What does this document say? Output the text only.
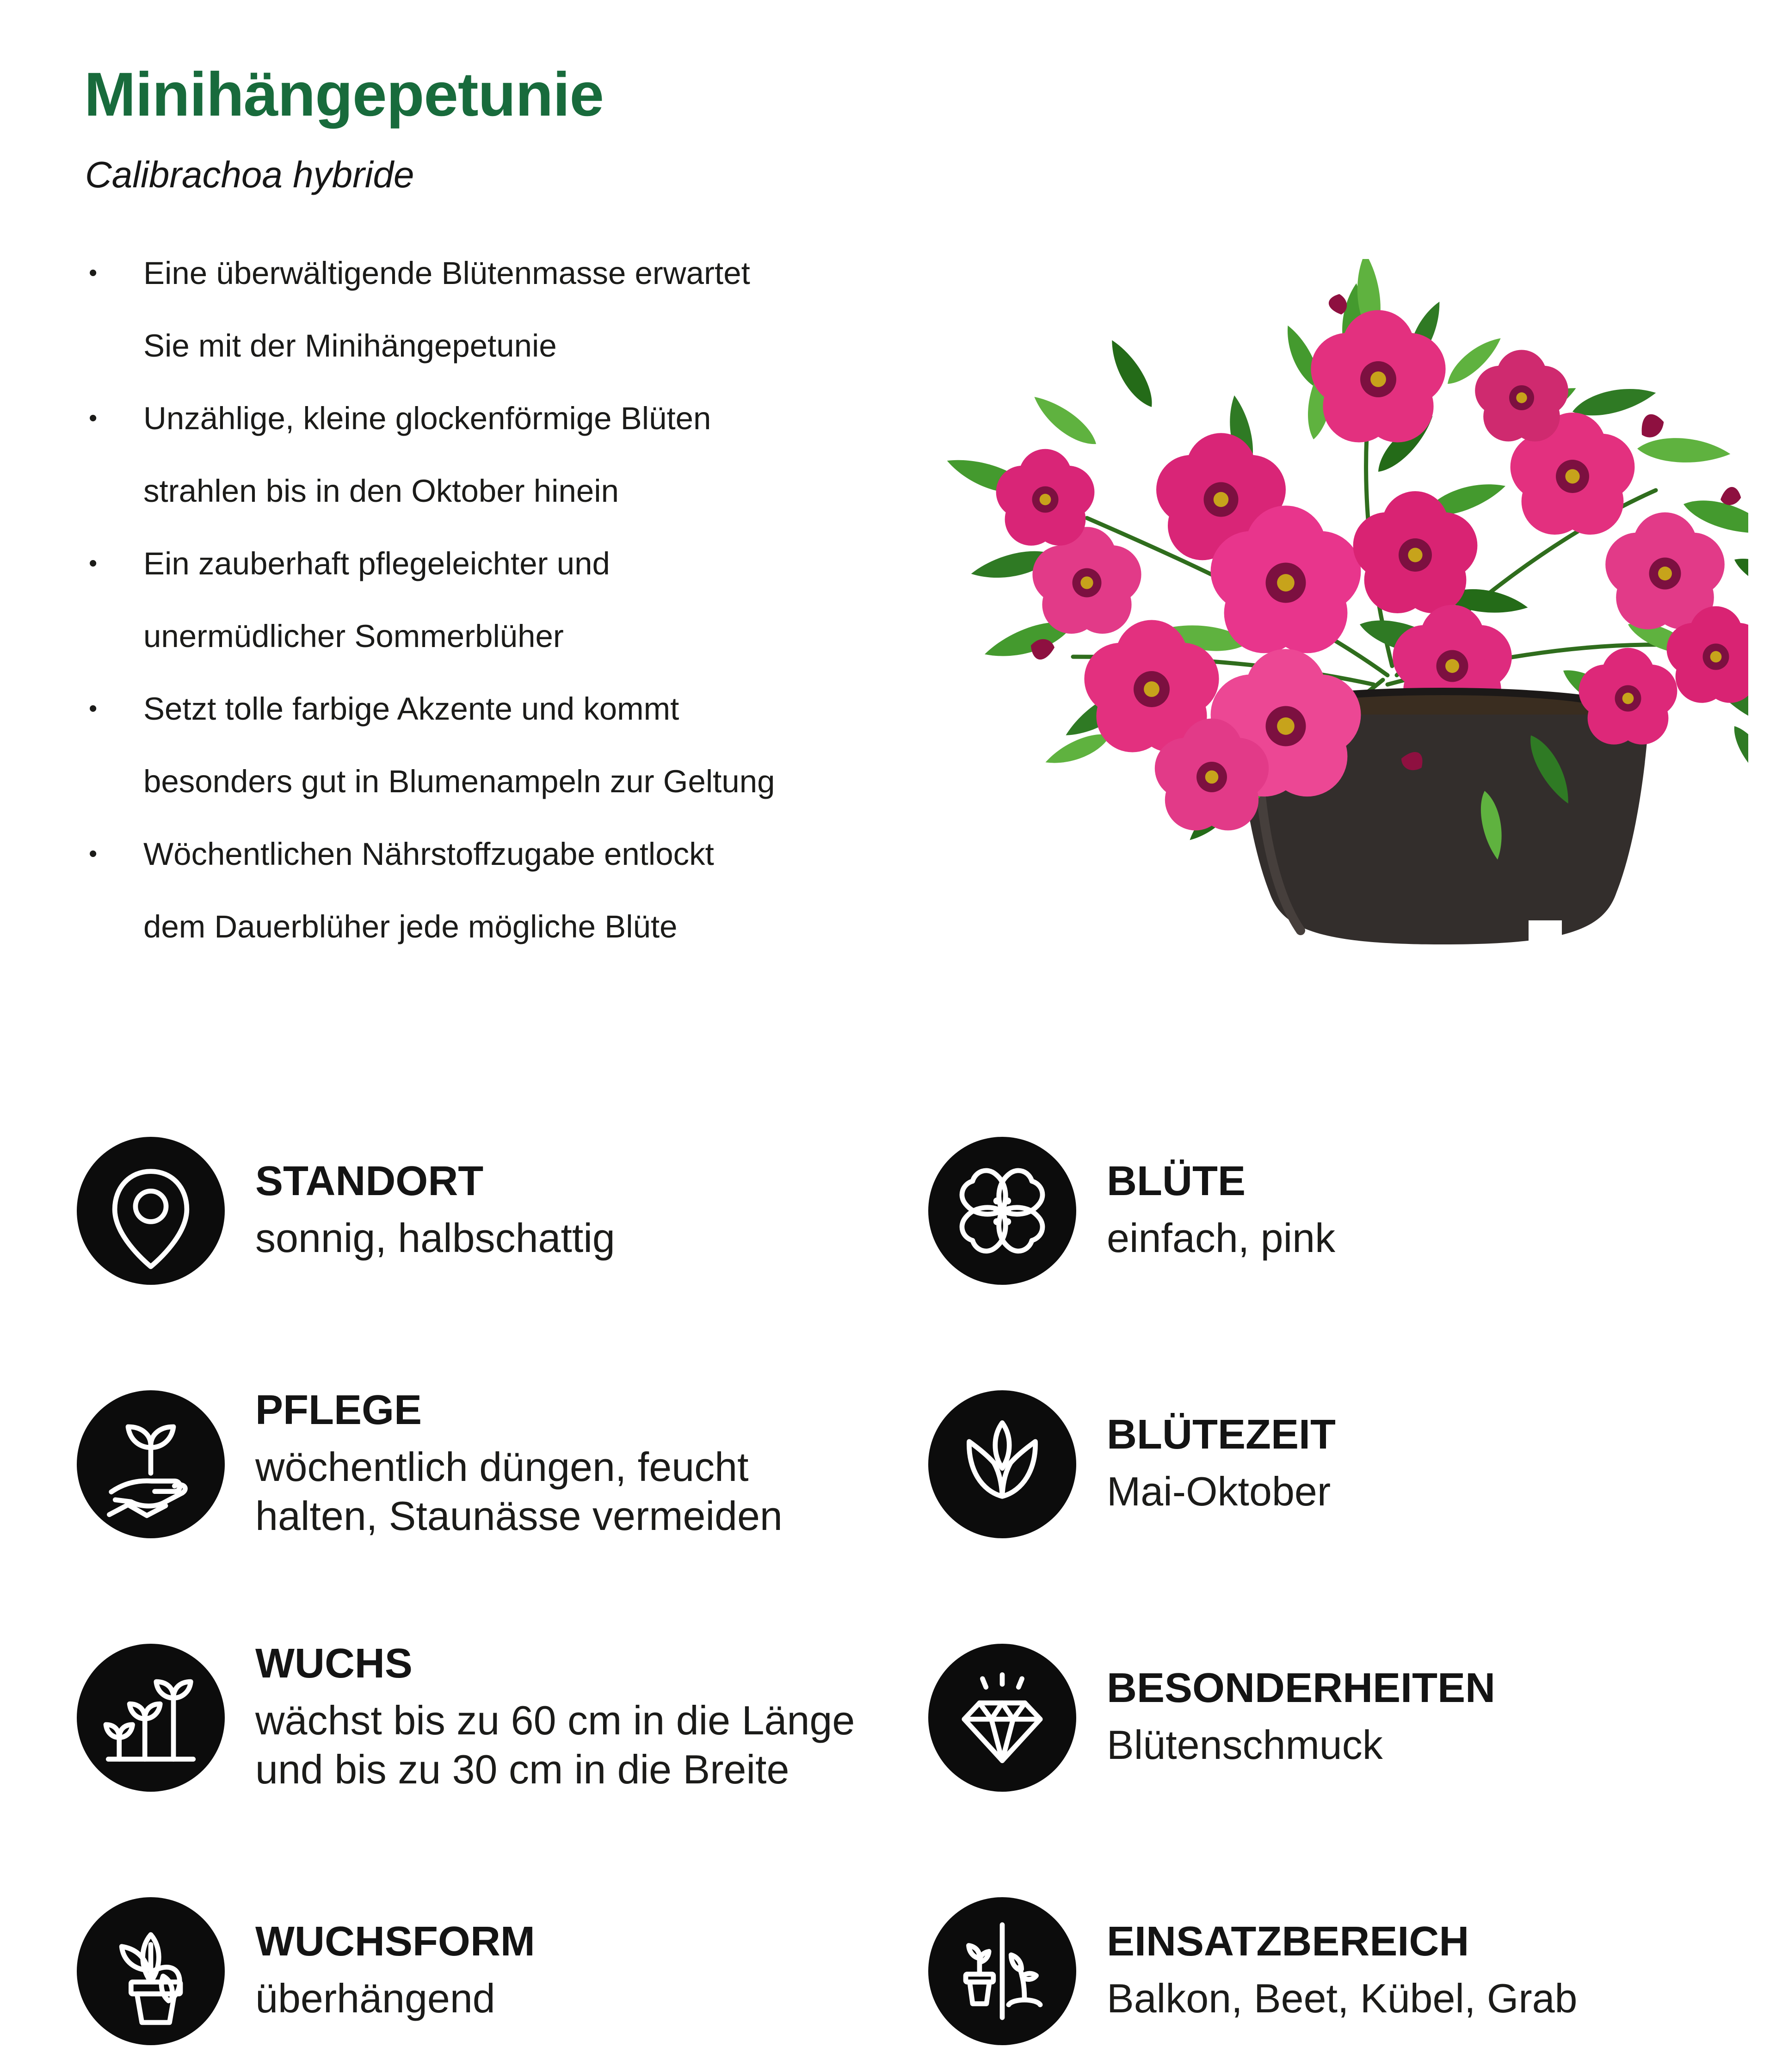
Minihängepetunie
Calibrachoa hybride
•	Eine überwältigende Blütenmasse erwartet
Sie mit der Minihängepetunie
•	Unzählige, kleine glockenförmige Blüten
strahlen bis in den Oktober hinein
•	Ein zauberhaft pflegeleichter und
unermüdlicher Sommerblüher
•	Setzt tolle farbige Akzente und kommt
besonders gut in Blumenampeln zur Geltung
•	Wöchentlichen Nährstoffzugabe entlockt
dem Dauerblüher jede mögliche Blüte
STANDORT
sonnig, halbschattig
BLÜTE
einfach, pink
PFLEGE
wöchentlich düngen, feucht
halten, Staunässe vermeiden
BLÜTEZEIT
Mai-Oktober
WUCHS
wächst bis zu 60 cm in die Länge
und bis zu 30 cm in die Breite
BESONDERHEITEN
Blütenschmuck
WUCHSFORM
überhängend
EINSATZBEREICH
Balkon, Beet, Kübel, Grab
